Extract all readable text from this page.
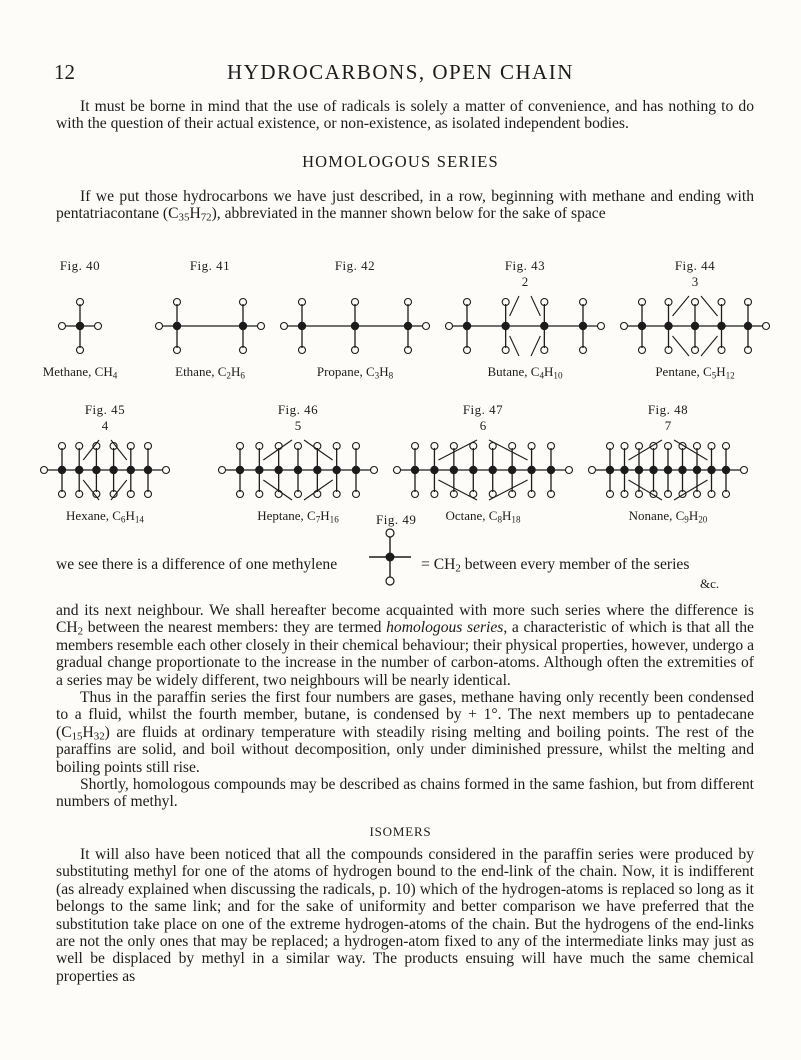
12	HYDROCARBONS, OPEN CHAIN

It must be borne in mind that the use of radicals is solely a matter of convenience, and has nothing to do with the question of their actual existence, or non-existence, as isolated independent bodies.

HOMOLOGOUS SERIES

If we put those hydrocarbons we have just described, in a row, beginning with methane and ending with pentatriacontane $(C_{35}H_{72})$, abbreviated in the manner shown below for the sake of space

Fig. 40
Methane, $CH_4$
Fig. 41
Ethane, $C_2H_6$
Fig. 42
Propane, $C_3H_8$
Fig. 43
2
Butane, $C_4H_{10}$
Fig. 44
3
Pentane, $C_5H_{12}$
Fig. 45
4
Hexane, $C_6H_{14}$
Fig. 46
5
Heptane, $C_7H_{16}$
Fig. 47
6
Octane, $C_8H_{18}$
Fig. 48
7
Nonane, $C_9H_{20}$
&c.
Fig. 49
we see there is a difference of one methylene	= $CH_2$ between every member of the series

and its next neighbour. We shall hereafter become acquainted with more such series where the difference is $CH_2$ between the nearest members: they are termed homologous series, a characteristic of which is that all the members resemble each other closely in their chemical behaviour; their physical properties, however, undergo a gradual change proportionate to the increase in the number of carbon-atoms. Although often the extremities of a series may be widely different, two neighbours will be nearly identical.

Thus in the paraffin series the first four numbers are gases, methane having only recently been condensed to a fluid, whilst the fourth member, butane, is condensed by + 1°. The next members up to pentadecane $(C_{15}H_{32})$ are fluids at ordinary temperature with steadily rising melting and boiling points. The rest of the paraffins are solid, and boil without decomposition, only under diminished pressure, whilst the melting and boiling points still rise.

Shortly, homologous compounds may be described as chains formed in the same fashion, but from different numbers of methyl.

ISOMERS

It will also have been noticed that all the compounds considered in the paraffin series were produced by substituting methyl for one of the atoms of hydrogen bound to the end-link of the chain. Now, it is indifferent (as already explained when discussing the radicals, p. 10) which of the hydrogen-atoms is replaced so long as it belongs to the same link; and for the sake of uniformity and better comparison we have preferred that the substitution take place on one of the extreme hydrogen-atoms of the chain. But the hydrogens of the end-links are not the only ones that may be replaced; a hydrogen-atom fixed to any of the intermediate links may just as well be displaced by methyl in a similar way. The products ensuing will have much the same chemical properties as
